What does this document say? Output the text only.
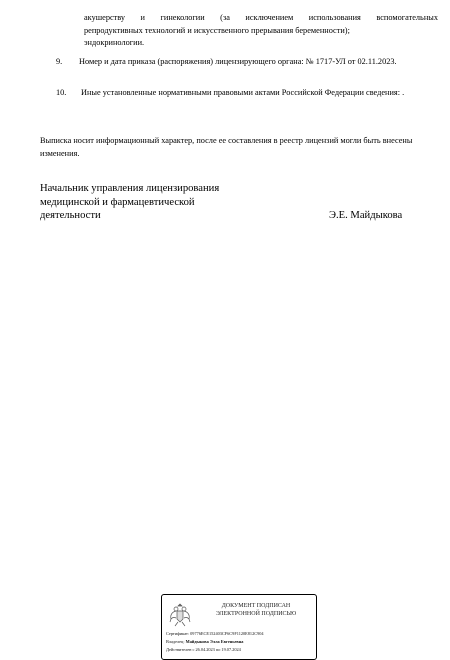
акушерству и гинекологии (за исключением использования вспомогательных
репродуктивных технологий и искусственного прерывания беременности);
эндокринологии.
9. Номер и дата приказа (распоряжения) лицензирующего органа: № 1717-УЛ от 02.11.2023.
10. Иные установленные нормативными правовыми актами Российской Федерации сведения: .
Выписка носит информационный характер, после ее составления в реестр лицензий могли быть внесены изменения.
Начальник управления лицензирования
медицинской и фармацевтической
деятельности	Э.Е. Майдыкова
ДОКУМЕНТ ПОДПИСАН
ЭЛЕКТРОННОЙ ПОДПИСЬЮ
Сертификат: 09776ECE152403CF6C9F1120E812C904
Владелец: Майдыкова Элла Евгеньевна
Действителен с 26.04.2023 по 19.07.2024
